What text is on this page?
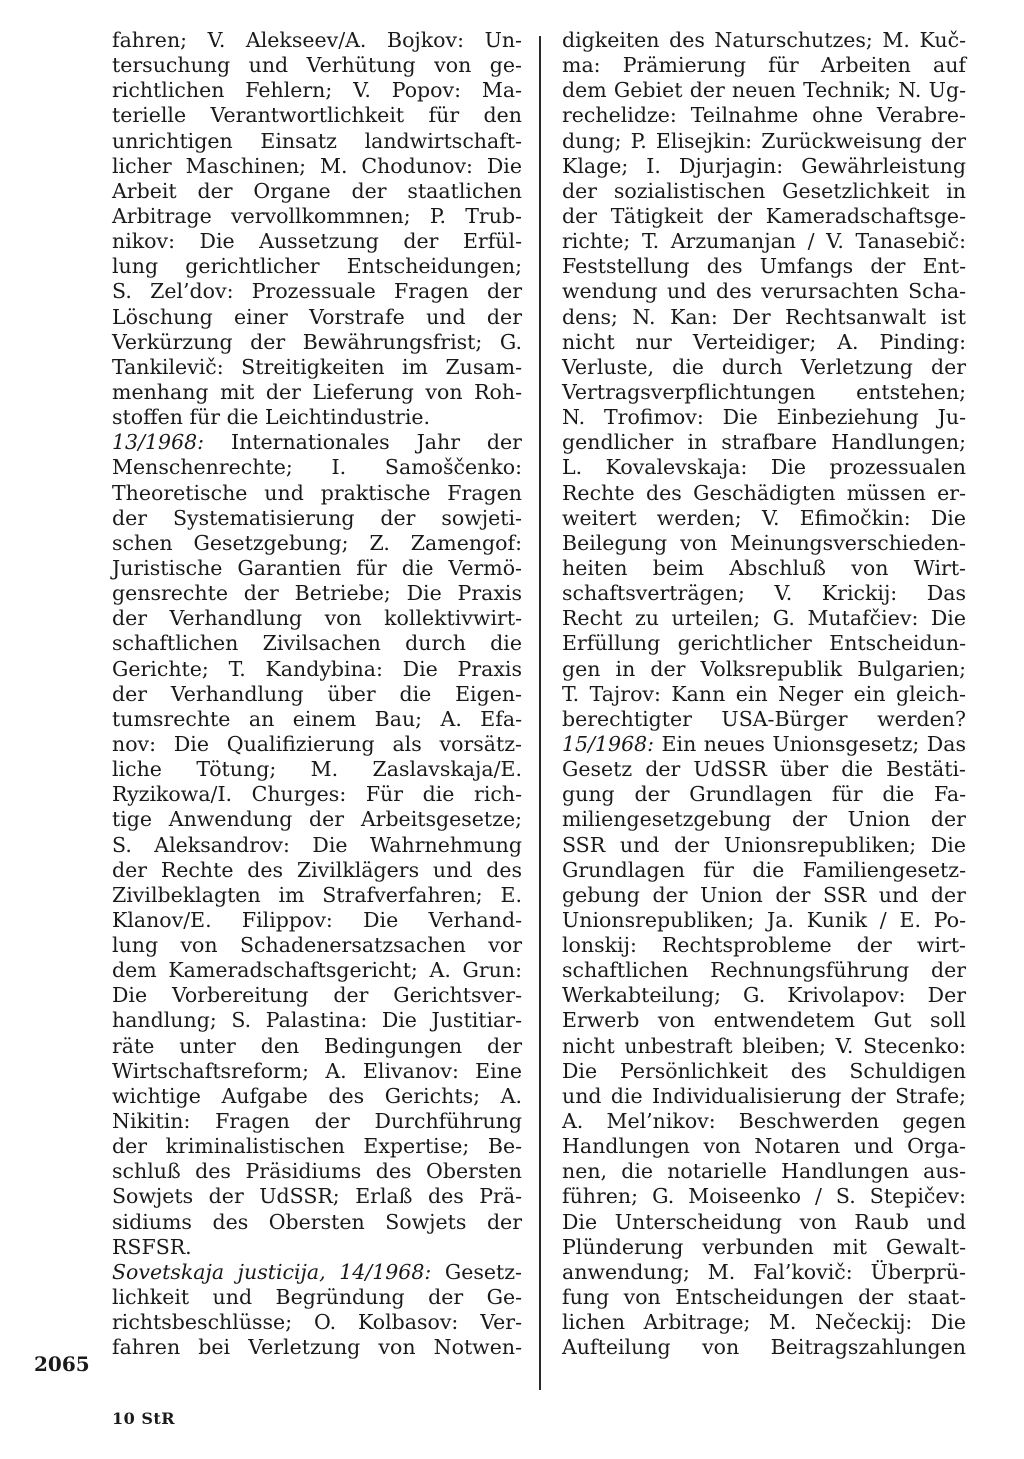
fahren; V. Alekseev/A. Bojkov: Un-
tersuchung und Verhütung von ge-
richtlichen Fehlern; V. Popov: Ma-
terielle Verantwortlichkeit für den
unrichtigen Einsatz landwirtschaft-
licher Maschinen; M. Chodunov: Die
Arbeit der Organe der staatlichen
Arbitrage vervollkommnen; P. Trub-
nikov: Die Aussetzung der Erfül-
lung gerichtlicher Entscheidungen;
S. Zel’dov: Prozessuale Fragen der
Löschung einer Vorstrafe und der
Verkürzung der Bewährungsfrist; G.
Tankilevič: Streitigkeiten im Zusam-
menhang mit der Lieferung von Roh-
stoffen für die Leichtindustrie.
13/1968: Internationales Jahr der
Menschenrechte; I. Samoščenko:
Theoretische und praktische Fragen
der Systematisierung der sowjeti-
schen Gesetzgebung; Z. Zamengof:
Juristische Garantien für die Vermö-
gensrechte der Betriebe; Die Praxis
der Verhandlung von kollektivwirt-
schaftlichen Zivilsachen durch die
Gerichte; T. Kandybina: Die Praxis
der Verhandlung über die Eigen-
tumsrechte an einem Bau; A. Efa-
nov: Die Qualifizierung als vorsätz-
liche Tötung; M. Zaslavskaja/E.
Ryzikowa/I. Churges: Für die rich-
tige Anwendung der Arbeitsgesetze;
S. Aleksandrov: Die Wahrnehmung
der Rechte des Zivilklägers und des
Zivilbeklagten im Strafverfahren; E.
Klanov/E. Filippov: Die Verhand-
lung von Schadenersatzsachen vor
dem Kameradschaftsgericht; A. Grun:
Die Vorbereitung der Gerichtsver-
handlung; S. Palastina: Die Justitiar-
räte unter den Bedingungen der
Wirtschaftsreform; A. Elivanov: Eine
wichtige Aufgabe des Gerichts; A.
Nikitin: Fragen der Durchführung
der kriminalistischen Expertise; Be-
schluß des Präsidiums des Obersten
Sowjets der UdSSR; Erlaß des Prä-
sidiums des Obersten Sowjets der
RSFSR.
Sovetskaja justicija, 14/1968: Gesetz-
lichkeit und Begründung der Ge-
richtsbeschlüsse; O. Kolbasov: Ver-
fahren bei Verletzung von Notwen-
digkeiten des Naturschutzes; M. Kuč-
ma: Prämierung für Arbeiten auf
dem Gebiet der neuen Technik; N. Ug-
rechelidze: Teilnahme ohne Verabre-
dung; P. Elisejkin: Zurückweisung der
Klage; I. Djurjagin: Gewährleistung
der sozialistischen Gesetzlichkeit in
der Tätigkeit der Kameradschaftsge-
richte; T. Arzumanjan / V. Tanasebič:
Feststellung des Umfangs der Ent-
wendung und des verursachten Scha-
dens; N. Kan: Der Rechtsanwalt ist
nicht nur Verteidiger; A. Pinding:
Verluste, die durch Verletzung der
Vertragsverpflichtungen entstehen;
N. Trofimov: Die Einbeziehung Ju-
gendlicher in strafbare Handlungen;
L. Kovalevskaja: Die prozessualen
Rechte des Geschädigten müssen er-
weitert werden; V. Efimočkin: Die
Beilegung von Meinungsverschieden-
heiten beim Abschluß von Wirt-
schaftsverträgen; V. Krickij: Das
Recht zu urteilen; G. Mutafčiev: Die
Erfüllung gerichtlicher Entscheidun-
gen in der Volksrepublik Bulgarien;
T. Tajrov: Kann ein Neger ein gleich-
berechtigter USA-Bürger werden?
15/1968: Ein neues Unionsgesetz; Das
Gesetz der UdSSR über die Bestäti-
gung der Grundlagen für die Fa-
miliengesetzgebung der Union der
SSR und der Unionsrepubliken; Die
Grundlagen für die Familiengesetz-
gebung der Union der SSR und der
Unionsrepubliken; Ja. Kunik / E. Po-
lonskij: Rechtsprobleme der wirt-
schaftlichen Rechnungsführung der
Werkabteilung; G. Krivolapov: Der
Erwerb von entwendetem Gut soll
nicht unbestraft bleiben; V. Stecenko:
Die Persönlichkeit des Schuldigen
und die Individualisierung der Strafe;
A. Mel’nikov: Beschwerden gegen
Handlungen von Notaren und Orga-
nen, die notarielle Handlungen aus-
führen; G. Moiseenko / S. Stepičev:
Die Unterscheidung von Raub und
Plünderung verbunden mit Gewalt-
anwendung; M. Fal’kovič: Überprü-
fung von Entscheidungen der staat-
lichen Arbitrage; M. Nečeckij: Die
Aufteilung von Beitragszahlungen
2065
10 StR
